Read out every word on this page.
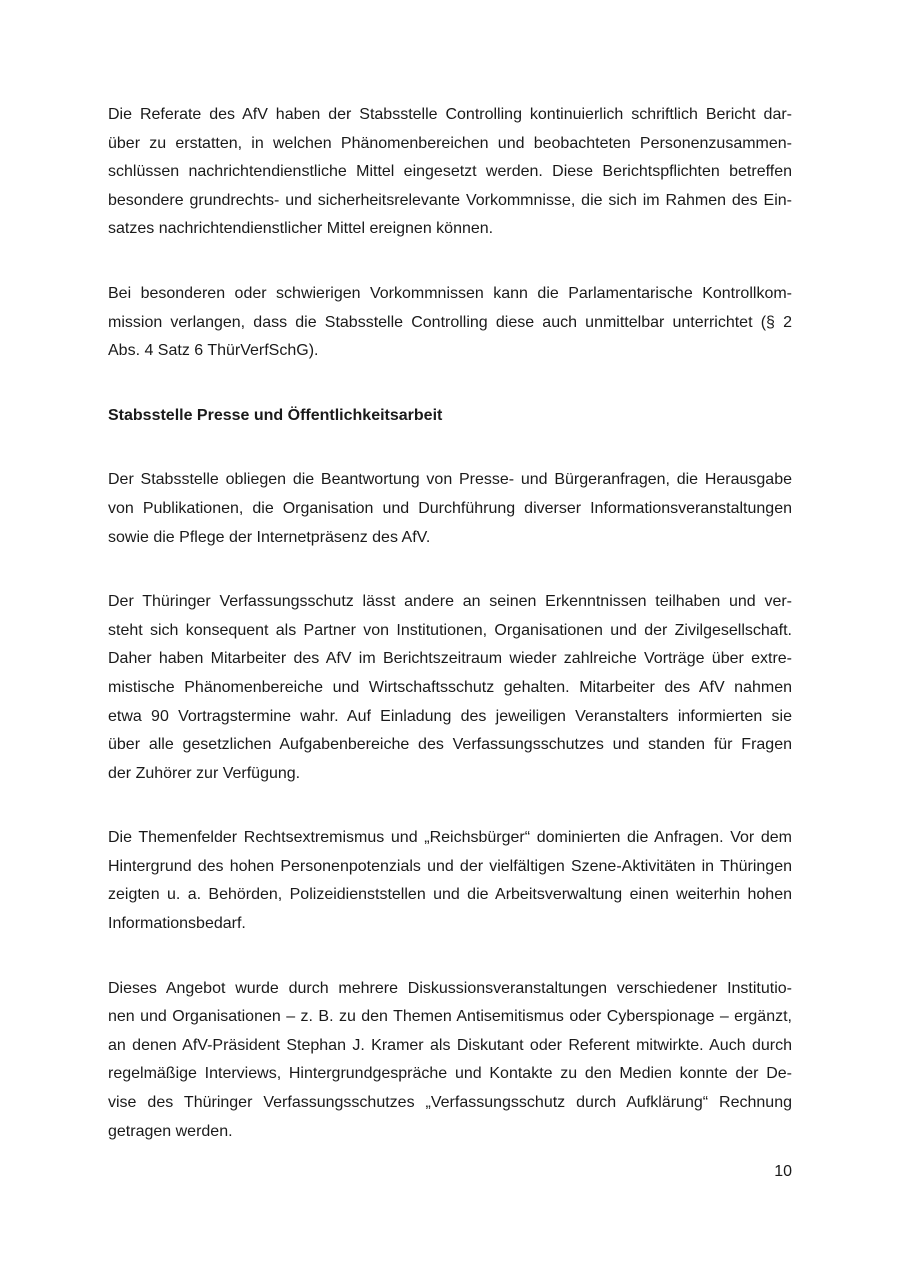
Die Referate des AfV haben der Stabsstelle Controlling kontinuierlich schriftlich Bericht dar-
über zu erstatten, in welchen Phänomenbereichen und beobachteten Personenzusammen-
schlüssen nachrichtendienstliche Mittel eingesetzt werden. Diese Berichtspflichten betreffen
besondere grundrechts- und sicherheitsrelevante Vorkommnisse, die sich im Rahmen des Ein-
satzes nachrichtendienstlicher Mittel ereignen können.
Bei besonderen oder schwierigen Vorkommnissen kann die Parlamentarische Kontrollkom-
mission verlangen, dass die Stabsstelle Controlling diese auch unmittelbar unterrichtet (§ 2
Abs. 4 Satz 6 ThürVerfSchG).
Stabsstelle Presse und Öffentlichkeitsarbeit
Der Stabsstelle obliegen die Beantwortung von Presse- und Bürgeranfragen, die Herausgabe
von Publikationen, die Organisation und Durchführung diverser Informationsveranstaltungen
sowie die Pflege der Internetpräsenz des AfV.
Der Thüringer Verfassungsschutz lässt andere an seinen Erkenntnissen teilhaben und ver-
steht sich konsequent als Partner von Institutionen, Organisationen und der Zivilgesellschaft.
Daher haben Mitarbeiter des AfV im Berichtszeitraum wieder zahlreiche Vorträge über extre-
mistische Phänomenbereiche und Wirtschaftsschutz gehalten. Mitarbeiter des AfV nahmen
etwa 90 Vortragstermine wahr. Auf Einladung des jeweiligen Veranstalters informierten sie
über alle gesetzlichen Aufgabenbereiche des Verfassungsschutzes und standen für Fragen
der Zuhörer zur Verfügung.
Die Themenfelder Rechtsextremismus und „Reichsbürger“ dominierten die Anfragen. Vor dem
Hintergrund des hohen Personenpotenzials und der vielfältigen Szene-Aktivitäten in Thüringen
zeigten u. a. Behörden, Polizeidienststellen und die Arbeitsverwaltung einen weiterhin hohen
Informationsbedarf.
Dieses Angebot wurde durch mehrere Diskussionsveranstaltungen verschiedener Institutio-
nen und Organisationen – z. B. zu den Themen Antisemitismus oder Cyberspionage – ergänzt,
an denen AfV-Präsident Stephan J. Kramer als Diskutant oder Referent mitwirkte. Auch durch
regelmäßige Interviews, Hintergrundgespräche und Kontakte zu den Medien konnte der De-
vise des Thüringer Verfassungsschutzes „Verfassungsschutz durch Aufklärung“ Rechnung
getragen werden.
10
